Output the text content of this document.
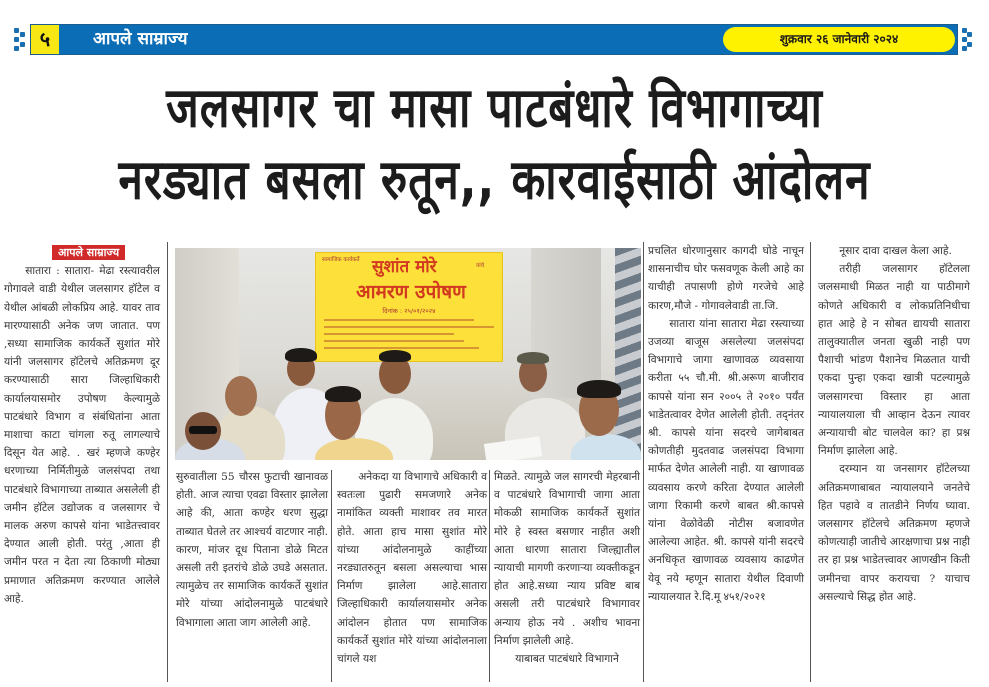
५	आपले साम्राज्य	शुक्रवार २६ जानेवारी २०२४
जलसागर चा मासा पाटबंधारे विभागाच्या
नरड्यात बसला रुतून,, कारवाईसाठी आंदोलन
आपले साम्राज्य

सातारा : सातारा- मेढा रस्त्यावरील गोगावले वाडी येथील जलसागर हॉटेल व येथील आंबळी लोकप्रिय आहे. यावर ताव मारण्यासाठी अनेक जण जातात. पण ,सध्या सामाजिक कार्यकर्ते सुशांत मोरे यांनी जलसागर हॉटेलचे अतिक्रमण दूर करण्यासाठी सारा जिल्हाधिकारी कार्यालयासमोर उपोषण केल्यामुळे पाटबंधारे विभाग व संबंधितांना आता माशाचा काटा चांगला रुतू लागल्याचे दिसून येत आहे. . खरं म्हणजे कण्हेर धरणाच्या निर्मितीमुळे जलसंपदा तथा पाटबंधारे विभागाच्या ताब्यात असलेली ही जमीन हॉटेल उद्योजक व जलसागर चे मालक अरुण कापसे यांना भाडेतत्त्वावर देण्यात आली होती. परंतु ,आता ही जमीन परत न देता त्या ठिकाणी मोठ्या प्रमाणात अतिक्रमण करण्यात आलेले आहे.

सामाजिक कार्यकर्ते सुशांत मोरे	यांचे
आमरण उपोषण
दिनांक : २५/०१/२०२४

सुरुवातीला 55 चौरस फुटाची खानावळ होती. आज त्याचा एवढा विस्तार झालेला आहे की, आता कण्हेर धरण सुद्धा ताब्यात घेतले तर आश्चर्य वाटणार नाही. कारण, मांजर दूध पिताना डोळे मिटत असली तरी इतरांचे डोळे उघडे असतात. त्यामुळेच तर सामाजिक कार्यकर्ते सुशांत मोरे यांच्या आंदोलनामुळे पाटबंधारे विभागाला आता जाग आलेली आहे.

अनेकदा या विभागाचे अधिकारी व स्वतःला पुढारी समजणारे अनेक नामांकित व्यक्ती माशावर तव मारत होते. आता हाच मासा सुशांत मोरे यांच्या आंदोलनामुळे काहींच्या नरड्यातरुतून बसला असल्याचा भास निर्माण झालेला आहे.सातारा जिल्हाधिकारी कार्यालयासमोर अनेक आंदोलन होतात पण सामाजिक कार्यकर्ते सुशांत मोरे यांच्या आंदोलनाला चांगले यश

मिळते. त्यामुळे जल सागरची मेहरबानी व पाटबंधारे विभागाची जागा आता मोकळी सामाजिक कार्यकर्ते सुशांत मोरे हे स्वस्त बसणार नाहीत अशी आता धारणा सातारा जिल्ह्यातील न्यायाची मागणी करणाऱ्या व्यक्तीकडून होत आहे.सध्या न्याय प्रविष्ट बाब असली तरी पाटबंधारे विभागावर अन्याय होऊ नये . अशीच भावना निर्माण झालेली आहे.

याबाबत पाटबंधारे विभागाने

प्रचलित धोरणानुसार कागदी घोडे नाचून शासनाचीच घोर फसवणूक केली आहे का याचीही तपासणी होणे गरजेचे आहे कारण,मौजे - गोगावलेवाडी ता.जि.

सातारा यांना सातारा मेढा रस्त्याच्या उजव्या बाजूस असलेल्या जलसंपदा विभागाचे जागा खाणावळ व्यवसाया करीता ५५ चौ.मी. श्री.अरूण बाजीराव कापसे यांना सन २००५ ते २०१० पर्यंत भाडेतत्वावर देणेत आलेली होती. तद्नंतर श्री. कापसे यांना सदरचे जागेबाबत कोणतीही मुदतवाढ जलसंपदा विभागा मार्फत देणेत आलेली नाही. या खाणावळ व्यवसाय करणे करिता देण्यात आलेली जागा रिकामी करणे बाबत श्री.कापसे यांना वेळोवेळी नोटीस बजावणेत आलेल्या आहेत. श्री. कापसे यांनी सदरचे अनधिकृत खाणावळ व्यवसाय काढणेत येवू नये म्हणून सातारा येथील दिवाणी न्यायालयात रे.दि.मू ४५१/२०२१

नूसार दावा दाखल केला आहे.

तरीही जलसागर हॉटेलला जलसमाधी मिळत नाही या पाठीमागे कोणते अधिकारी व लोकप्रतिनिधीचा हात आहे हे न सोबत द्यायची सातारा तालुक्यातील जनता खुळी नाही पण पैशाची भांडण पैशानेच मिळतात याची एकदा पुन्हा एकदा खात्री पटल्यामुळे जलसागरचा विस्तार हा आता न्यायालयाला ची आव्हान देऊन त्यावर अन्यायाची बोट चालवेल का? हा प्रश्न निर्माण झालेला आहे.

दरम्यान या जनसागर हॉटेलच्या अतिक्रमणाबाबत न्यायालयाने जनतेचे हित पहावे व तातडीने निर्णय घ्यावा. जलसागर हॉटेलचे अतिक्रमण म्हणजे कोणत्याही जातीचे आरक्षणाचा प्रश्न नाही तर हा प्रश्न भाडेतत्त्वावर आणखीन किती जमीनचा वापर करायचा ? याचाच असल्याचे सिद्ध होत आहे.
